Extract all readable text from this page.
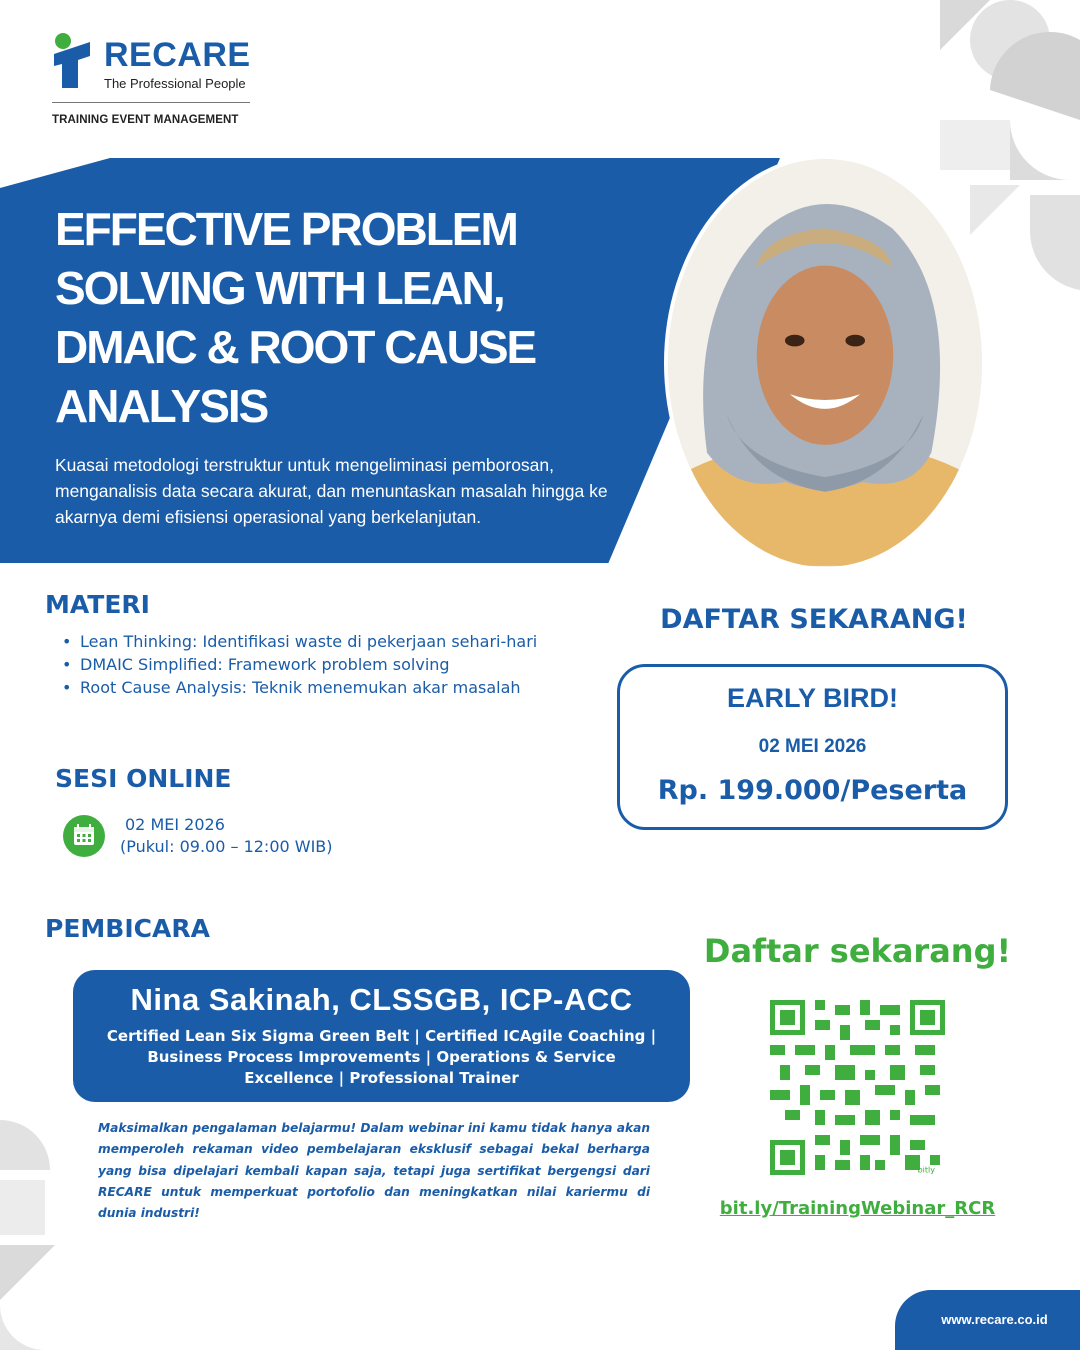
RECARE
The Professional People
TRAINING EVENT MANAGEMENT
EFFECTIVE PROBLEM SOLVING WITH LEAN, DMAIC & ROOT CAUSE ANALYSIS

Kuasai metodologi terstruktur untuk mengeliminasi pemborosan, menganalisis data secara akurat, dan menuntaskan masalah hingga ke akarnya demi efisiensi operasional yang berkelanjutan.

MATERI
• Lean Thinking: Identifikasi waste di pekerjaan sehari-hari
• DMAIC Simplified: Framework problem solving
• Root Cause Analysis: Teknik menemukan akar masalah
SESI ONLINE
02 MEI 2026
(Pukul: 09.00 – 12:00 WIB)
PEMBICARA
Nina Sakinah, CLSSGB, ICP-ACC
Certified Lean Six Sigma Green Belt | Certified ICAgile Coaching | Business Process Improvements | Operations & Service Excellence | Professional Trainer

Maksimalkan pengalaman belajarmu! Dalam webinar ini kamu tidak hanya akan memperoleh rekaman video pembelajaran eksklusif sebagai bekal berharga yang bisa dipelajari kembali kapan saja, tetapi juga sertifikat bergengsi dari RECARE untuk memperkuat portofolio dan meningkatkan nilai kariermu di dunia industri!

DAFTAR SEKARANG!
EARLY BIRD!
02 MEI 2026
Rp. 199.000/Peserta
Daftar sekarang!
bitly
bit.ly/TrainingWebinar_RCR
www.recare.co.id
